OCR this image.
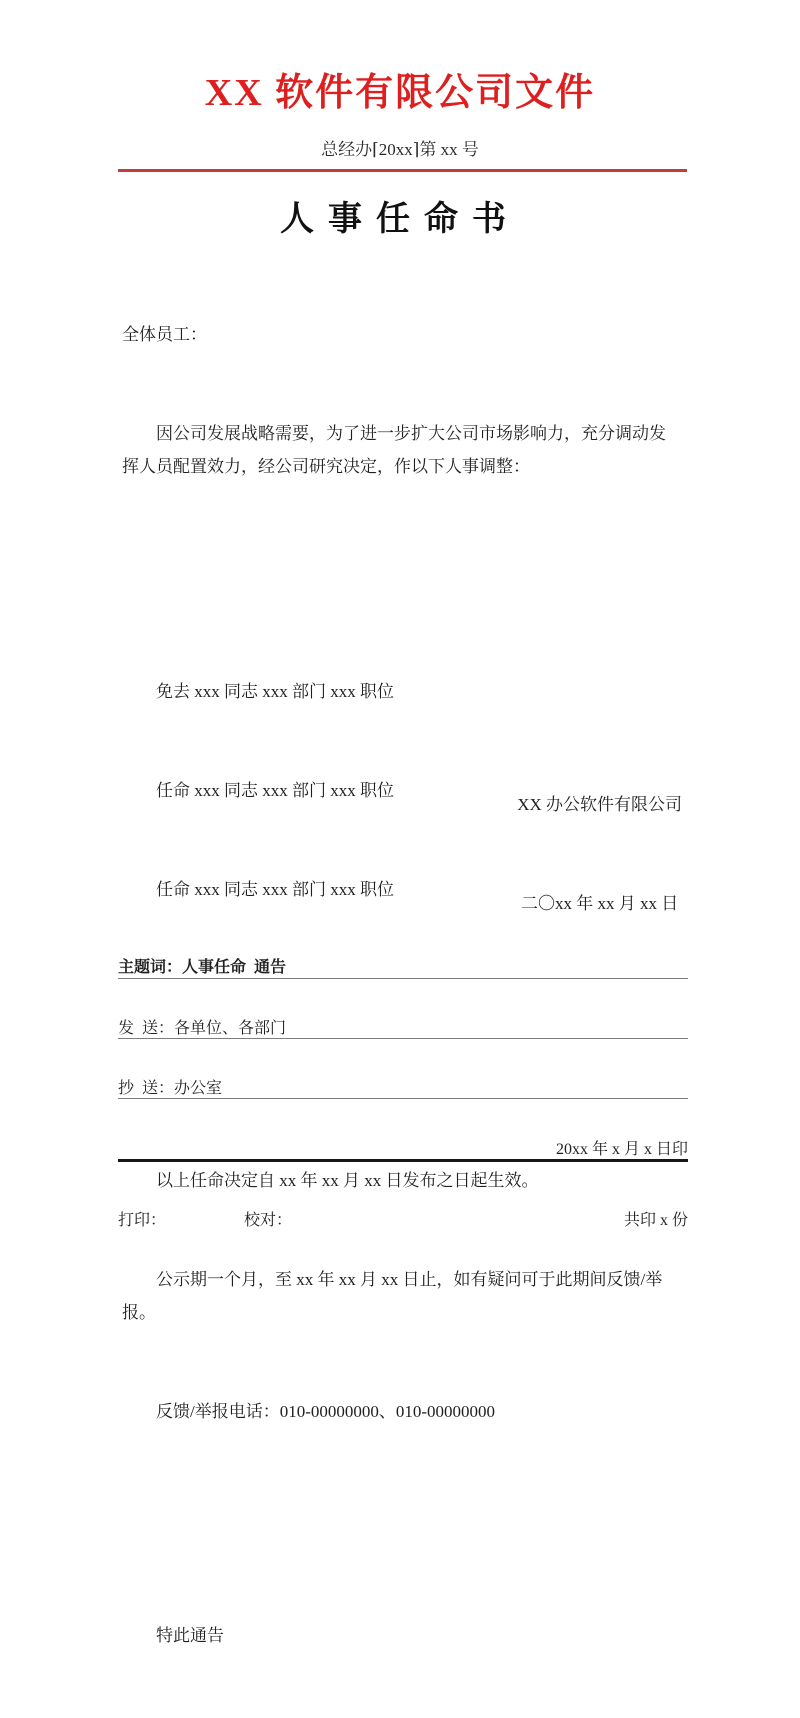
XX 软件有限公司文件
总经办⌈20xx⌉第 xx 号
人事任命书

全体员工：

因公司发展战略需要，为了进一步扩大公司市场影响力，充分调动发挥人员配置效力，经公司研究决定，作以下人事调整：

免去 xxx 同志 xxx 部门 xxx 职位

任命 xxx 同志 xxx 部门 xxx 职位

任命 xxx 同志 xxx 部门 xxx 职位

以上任命决定自 xx 年 xx 月 xx 日发布之日起生效。

公示期一个月，至 xx 年 xx 月 xx 日止，如有疑问可于此期间反馈/举报。

反馈/举报电话：010-00000000、010-00000000

特此通告

XX 办公软件有限公司

二〇xx 年 xx 月 xx 日

主题词： 人事任命  通告

发  送： 各单位、各部门

抄  送： 办公室

20xx 年 x 月 x 日印

打印：	校对：	共印 x 份
